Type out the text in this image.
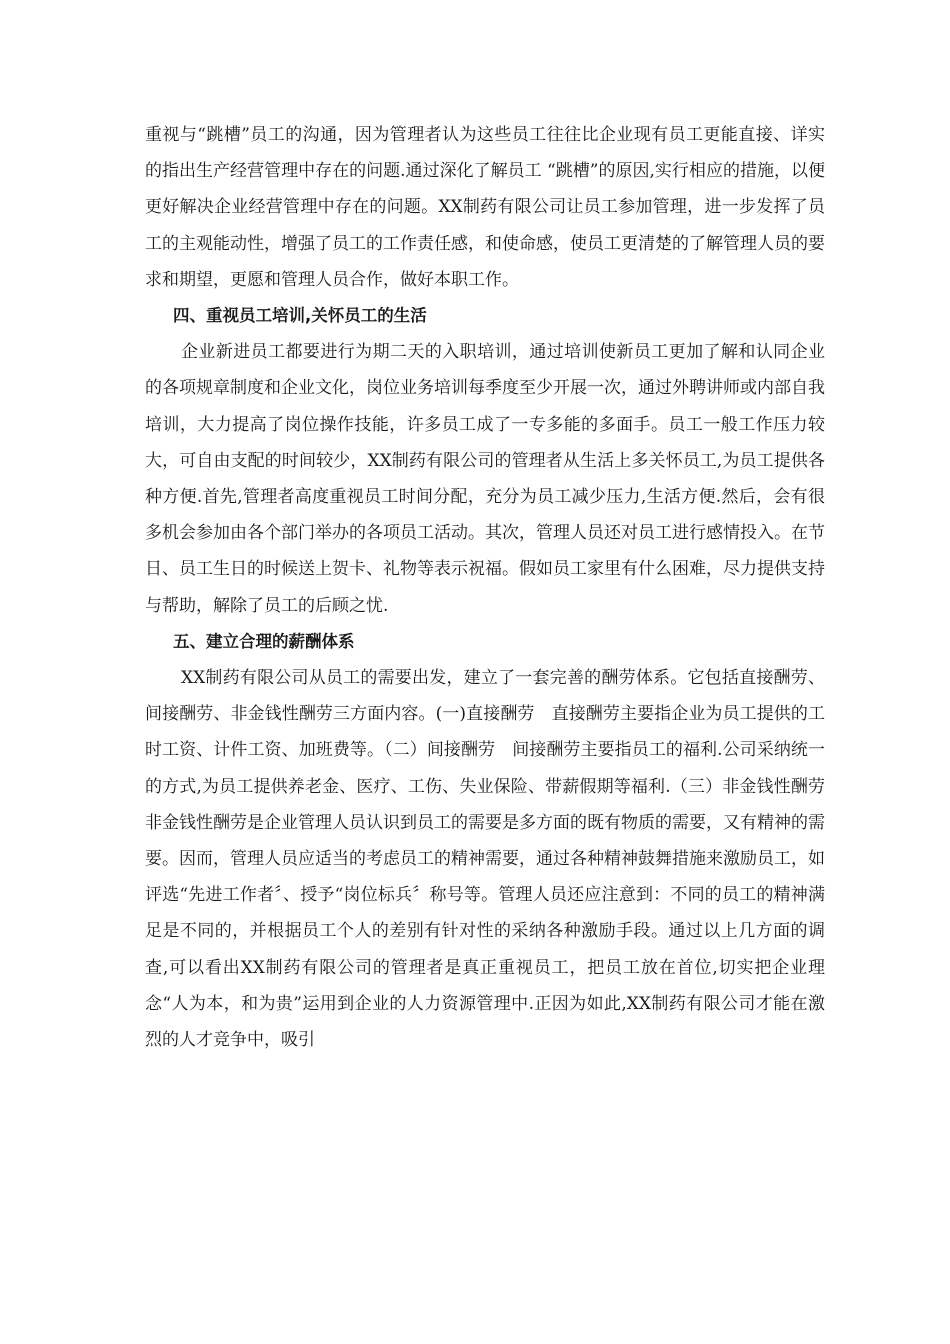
重视与“跳槽”员工的沟通，因为管理者认为这些员工往往比企业现有员工更能直接、详实的指出生产经营管理中存在的问题.通过深化了解员工 “跳槽”的原因,实行相应的措施，以便更好解决企业经营管理中存在的问题。XX制药有限公司让员工参加管理，进一步发挥了员工的主观能动性，增强了员工的工作责任感，和使命感，使员工更清楚的了解管理人员的要求和期望，更愿和管理人员合作，做好本职工作。

四、重视员工培训,关怀员工的生活

企业新进员工都要进行为期二天的入职培训，通过培训使新员工更加了解和认同企业的各项规章制度和企业文化，岗位业务培训每季度至少开展一次，通过外聘讲师或内部自我培训，大力提高了岗位操作技能，许多员工成了一专多能的多面手。员工一般工作压力较大，可自由支配的时间较少，XX制药有限公司的管理者从生活上多关怀员工,为员工提供各种方便.首先,管理者高度重视员工时间分配，充分为员工减少压力,生活方便.然后，会有很多机会参加由各个部门举办的各项员工活动。其次，管理人员还对员工进行感情投入。在节日、员工生日的时候送上贺卡、礼物等表示祝福。假如员工家里有什么困难，尽力提供支持与帮助，解除了员工的后顾之忧.

五、建立合理的薪酬体系

XX制药有限公司从员工的需要出发，建立了一套完善的酬劳体系。它包括直接酬劳、间接酬劳、非金钱性酬劳三方面内容。(一)直接酬劳　直接酬劳主要指企业为员工提供的工时工资、计件工资、加班费等。（二）间接酬劳　间接酬劳主要指员工的福利.公司采纳统一的方式,为员工提供养老金、医疗、工伤、失业保险、带薪假期等福利.（三）非金钱性酬劳　　非金钱性酬劳是企业管理人员认识到员工的需要是多方面的既有物质的需要，又有精神的需要。因而，管理人员应适当的考虑员工的精神需要，通过各种精神鼓舞措施来激励员工，如评选“先进工作者〞、授予“岗位标兵〞称号等。管理人员还应注意到：不同的员工的精神满足是不同的，并根据员工个人的差别有针对性的采纳各种激励手段。通过以上几方面的调查,可以看出XX制药有限公司的管理者是真正重视员工，把员工放在首位,切实把企业理念“人为本，和为贵”运用到企业的人力资源管理中.正因为如此,XX制药有限公司才能在激烈的人才竞争中，吸引
